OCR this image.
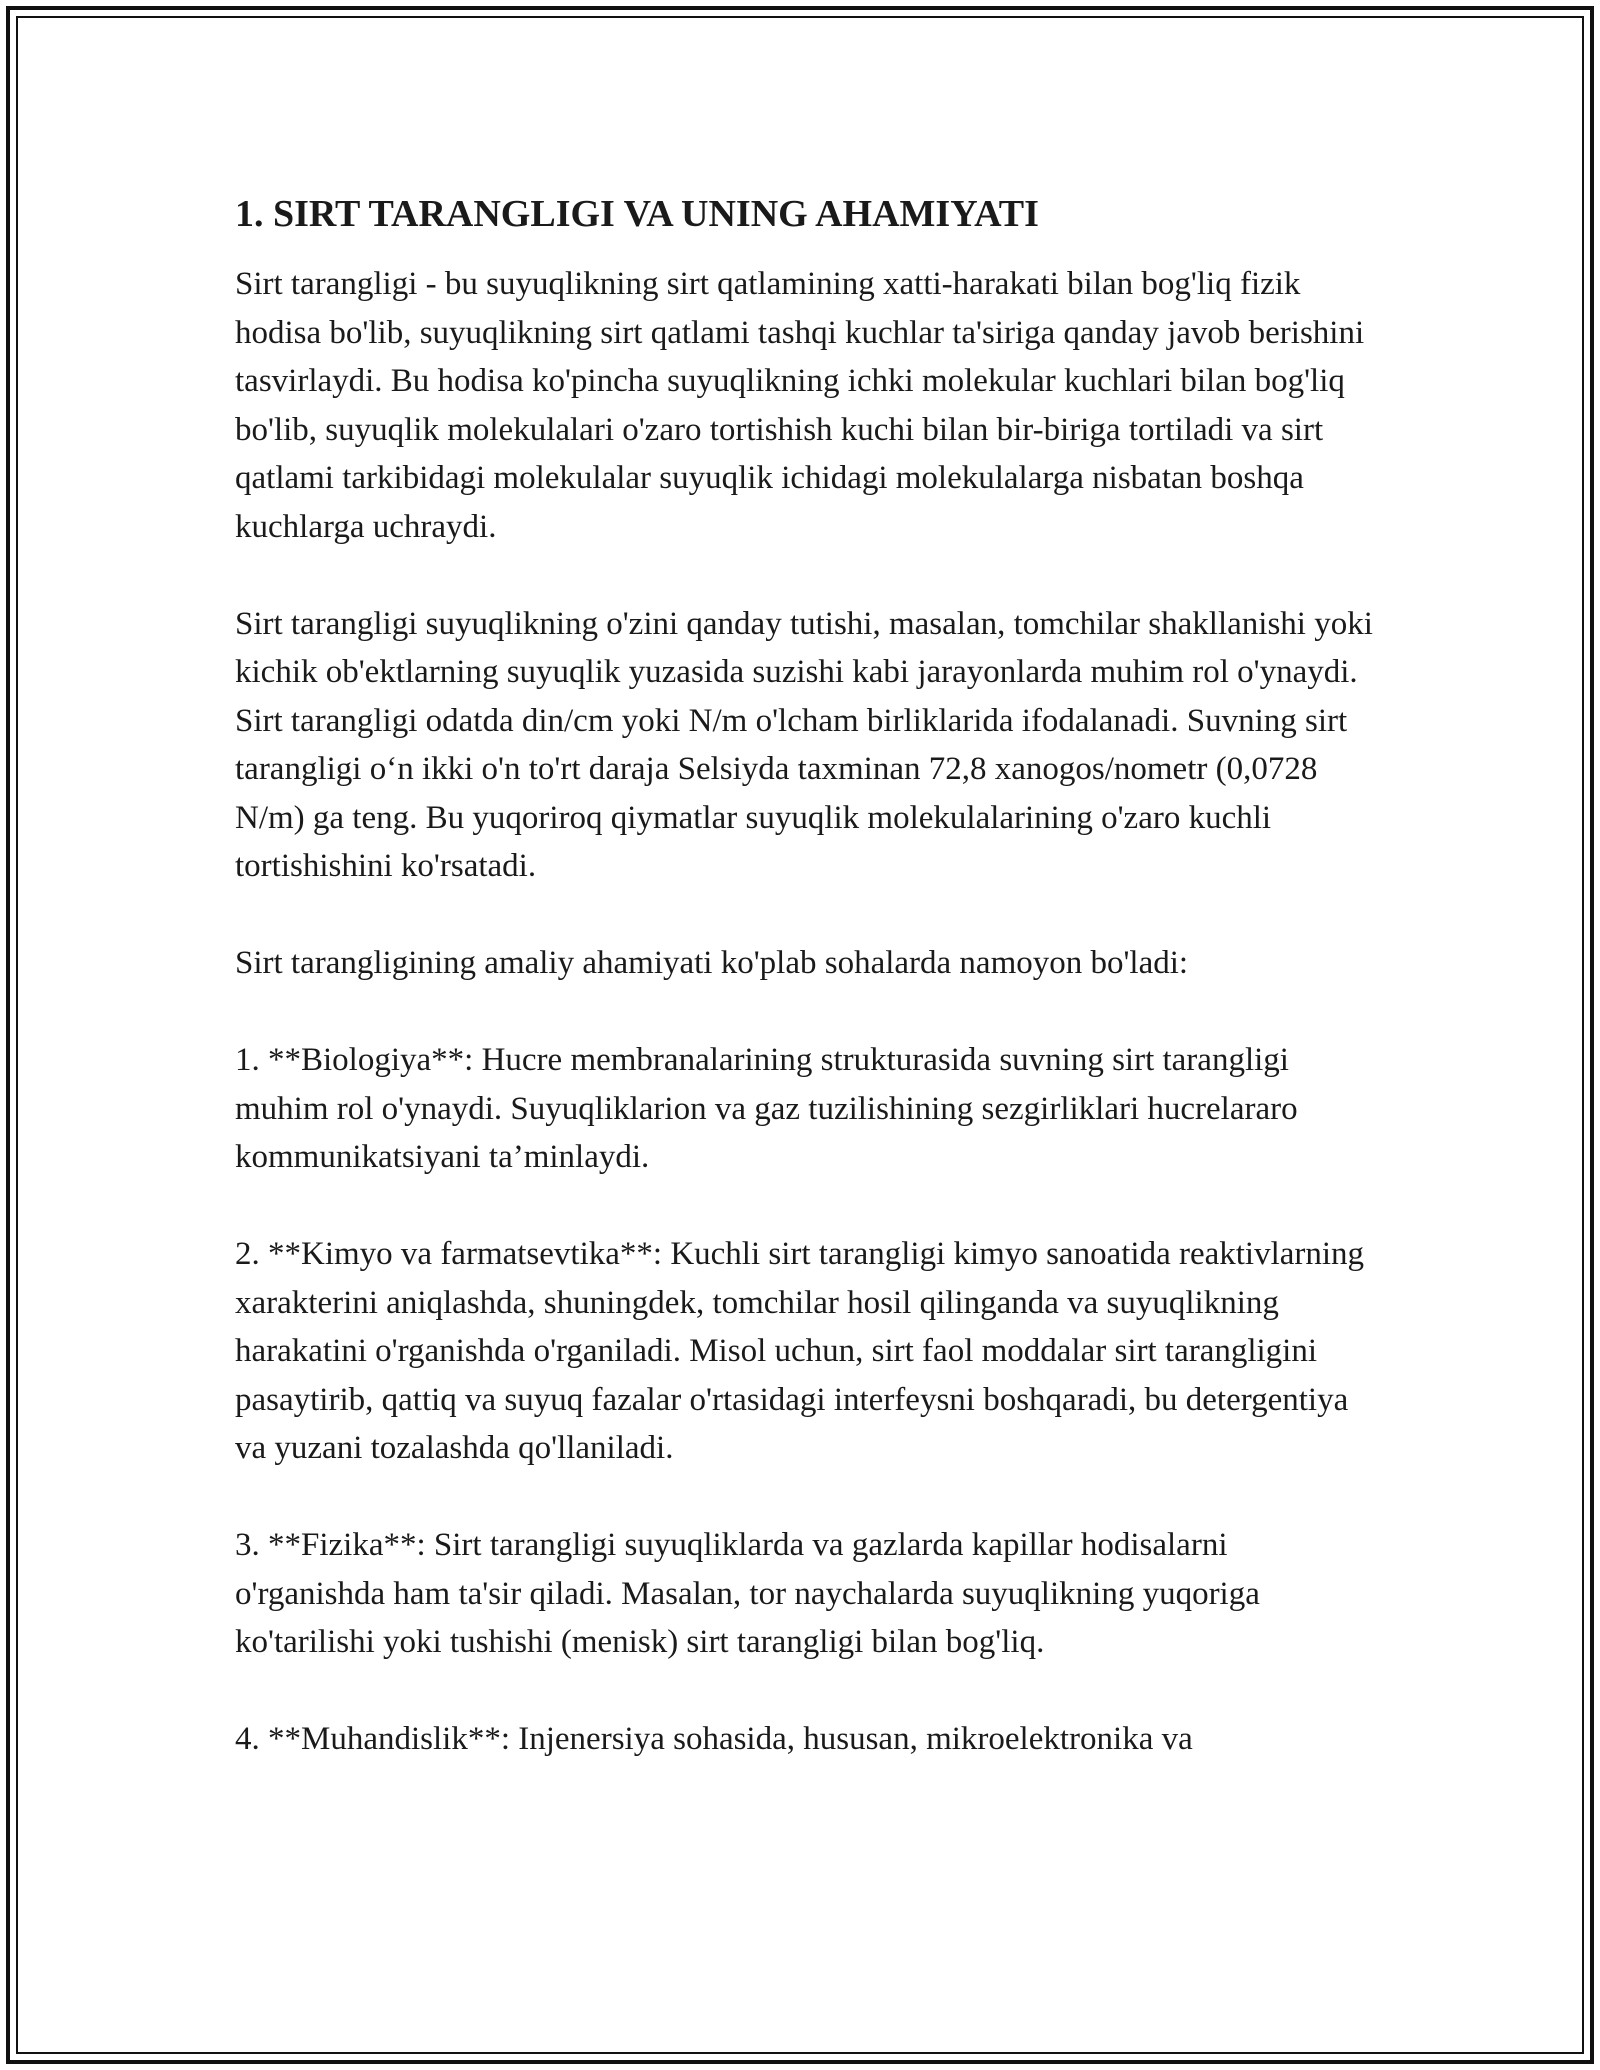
1. SIRT TARANGLIGI VA UNING AHAMIYATI

Sirt tarangligi - bu suyuqlikning sirt qatlamining xatti-harakati bilan bog'liq fizik hodisa bo'lib, suyuqlikning sirt qatlami tashqi kuchlar ta'siriga qanday javob berishini tasvirlaydi. Bu hodisa ko'pincha suyuqlikning ichki molekular kuchlari bilan bog'liq bo'lib, suyuqlik molekulalari o'zaro tortishish kuchi bilan bir-biriga tortiladi va sirt qatlami tarkibidagi molekulalar suyuqlik ichidagi molekulalarga nisbatan boshqa kuchlarga uchraydi.

Sirt tarangligi suyuqlikning o'zini qanday tutishi, masalan, tomchilar shakllanishi yoki kichik ob'ektlarning suyuqlik yuzasida suzishi kabi jarayonlarda muhim rol o'ynaydi. Sirt tarangligi odatda din/cm yoki N/m o'lcham birliklarida ifodalanadi. Suvning sirt tarangligi o‘n ikki o'n to'rt daraja Selsiyda taxminan 72,8 xanogos/nometr (0,0728 N/m) ga teng. Bu yuqoriroq qiymatlar suyuqlik molekulalarining o'zaro kuchli tortishishini ko'rsatadi.

Sirt tarangligining amaliy ahamiyati ko'plab sohalarda namoyon bo'ladi:

1. **Biologiya**: Hucre membranalarining strukturasida suvning sirt tarangligi muhim rol o'ynaydi. Suyuqliklarion va gaz tuzilishining sezgirliklari hucrelararo kommunikatsiyani ta’minlaydi.

2. **Kimyo va farmatsevtika**: Kuchli sirt tarangligi kimyo sanoatida reaktivlarning xarakterini aniqlashda, shuningdek, tomchilar hosil qilinganda va suyuqlikning harakatini o'rganishda o'rganiladi. Misol uchun, sirt faol moddalar sirt tarangligini pasaytirib, qattiq va suyuq fazalar o'rtasidagi interfeysni boshqaradi, bu detergentiya va yuzani tozalashda qo'llaniladi.

3. **Fizika**: Sirt tarangligi suyuqliklarda va gazlarda kapillar hodisalarni o'rganishda ham ta'sir qiladi. Masalan, tor naychalarda suyuqlikning yuqoriga ko'tarilishi yoki tushishi (menisk) sirt tarangligi bilan bog'liq.

4. **Muhandislik**: Injenersiya sohasida, hususan, mikroelektronika va
